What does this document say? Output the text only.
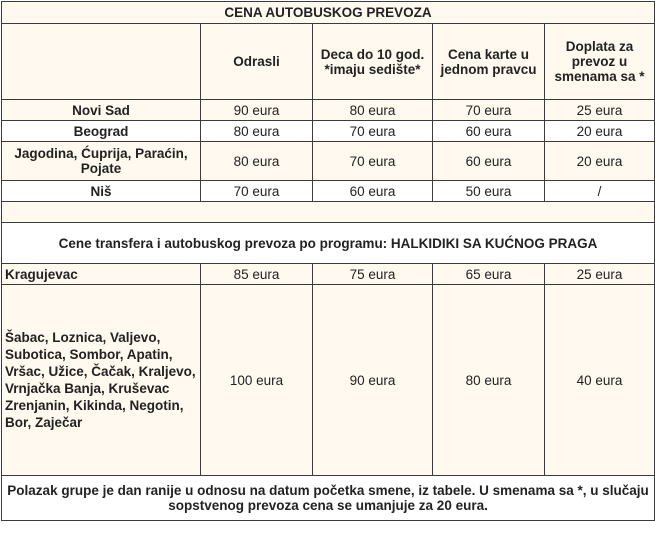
CENA AUTOBUSKOG PREVOZA				
	Odrasli	Deca do 10 god. *imaju sedište*	Cena karte u jednom pravcu	Doplata za prevoz u smenama sa *
Novi Sad	90 eura	80 eura	70 eura	25 eura
Beograd	80 eura	70 eura	60 eura	20 eura
Jagodina, Ćuprija, Paraćin, Pojate	80 eura	70 eura	60 eura	20 eura
Niš	70 eura	60 eura	50 eura	/

Cene transfera i autobuskog prevoza po programu: HALKIDIKI SA KUĆNOG PRAGA				
Kragujevac	85 eura	75 eura	65 eura	25 eura
Šabac, Loznica, Valjevo, Subotica, Sombor, Apatin, Vršac, Užice, Čačak, Kraljevo, Vrnjačka Banja, Kruševac Zrenjanin, Kikinda, Negotin, Bor, Zaječar	100 eura	90 eura	80 eura	40 eura
Polazak grupe je dan ranije u odnosu na datum početka smene, iz tabele. U smenama sa *, u slučaju sopstvenog prevoza cena se umanjuje za 20 eura.				
